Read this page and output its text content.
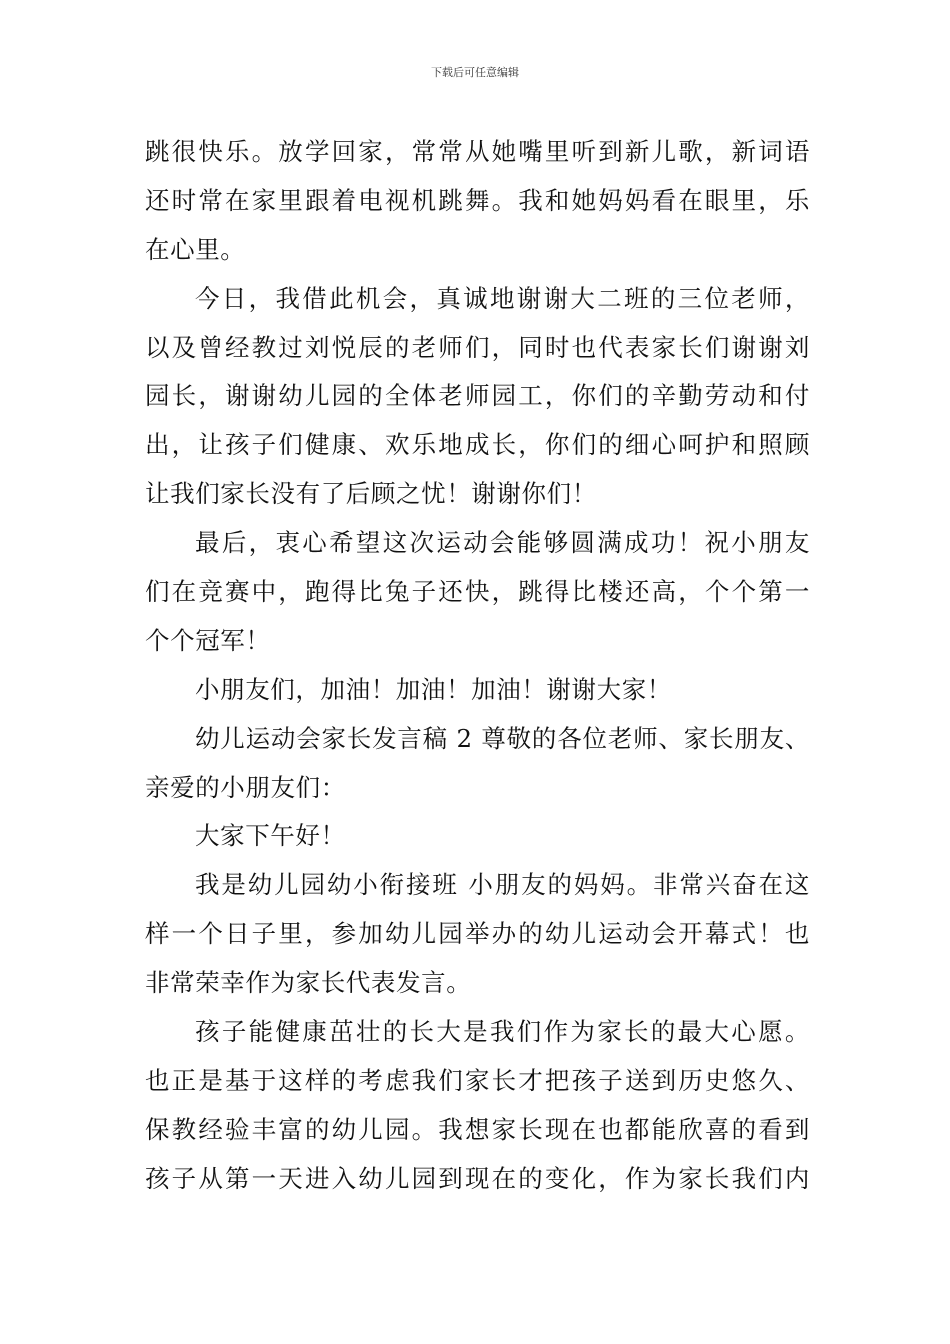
下载后可任意编辑
跳很快乐。放学回家，常常从她嘴里听到新儿歌，新词语
还时常在家里跟着电视机跳舞。我和她妈妈看在眼里，乐
在心里。
今日，我借此机会，真诚地谢谢大二班的三位老师，
以及曾经教过刘悦辰的老师们，同时也代表家长们谢谢刘
园长，谢谢幼儿园的全体老师园工，你们的辛勤劳动和付
出，让孩子们健康、欢乐地成长，你们的细心呵护和照顾
让我们家长没有了后顾之忧！谢谢你们！
最后，衷心希望这次运动会能够圆满成功！祝小朋友
们在竞赛中，跑得比兔子还快，跳得比楼还高，个个第一
个个冠军！
小朋友们，加油！加油！加油！谢谢大家！
幼儿运动会家长发言稿 2 尊敬的各位老师、家长朋友、
亲爱的小朋友们：
大家下午好！
我是幼儿园幼小衔接班 小朋友的妈妈。非常兴奋在这
样一个日子里，参加幼儿园举办的幼儿运动会开幕式！也
非常荣幸作为家长代表发言。
孩子能健康茁壮的长大是我们作为家长的最大心愿。
也正是基于这样的考虑我们家长才把孩子送到历史悠久、
保教经验丰富的幼儿园。我想家长现在也都能欣喜的看到
孩子从第一天进入幼儿园到现在的变化，作为家长我们内
